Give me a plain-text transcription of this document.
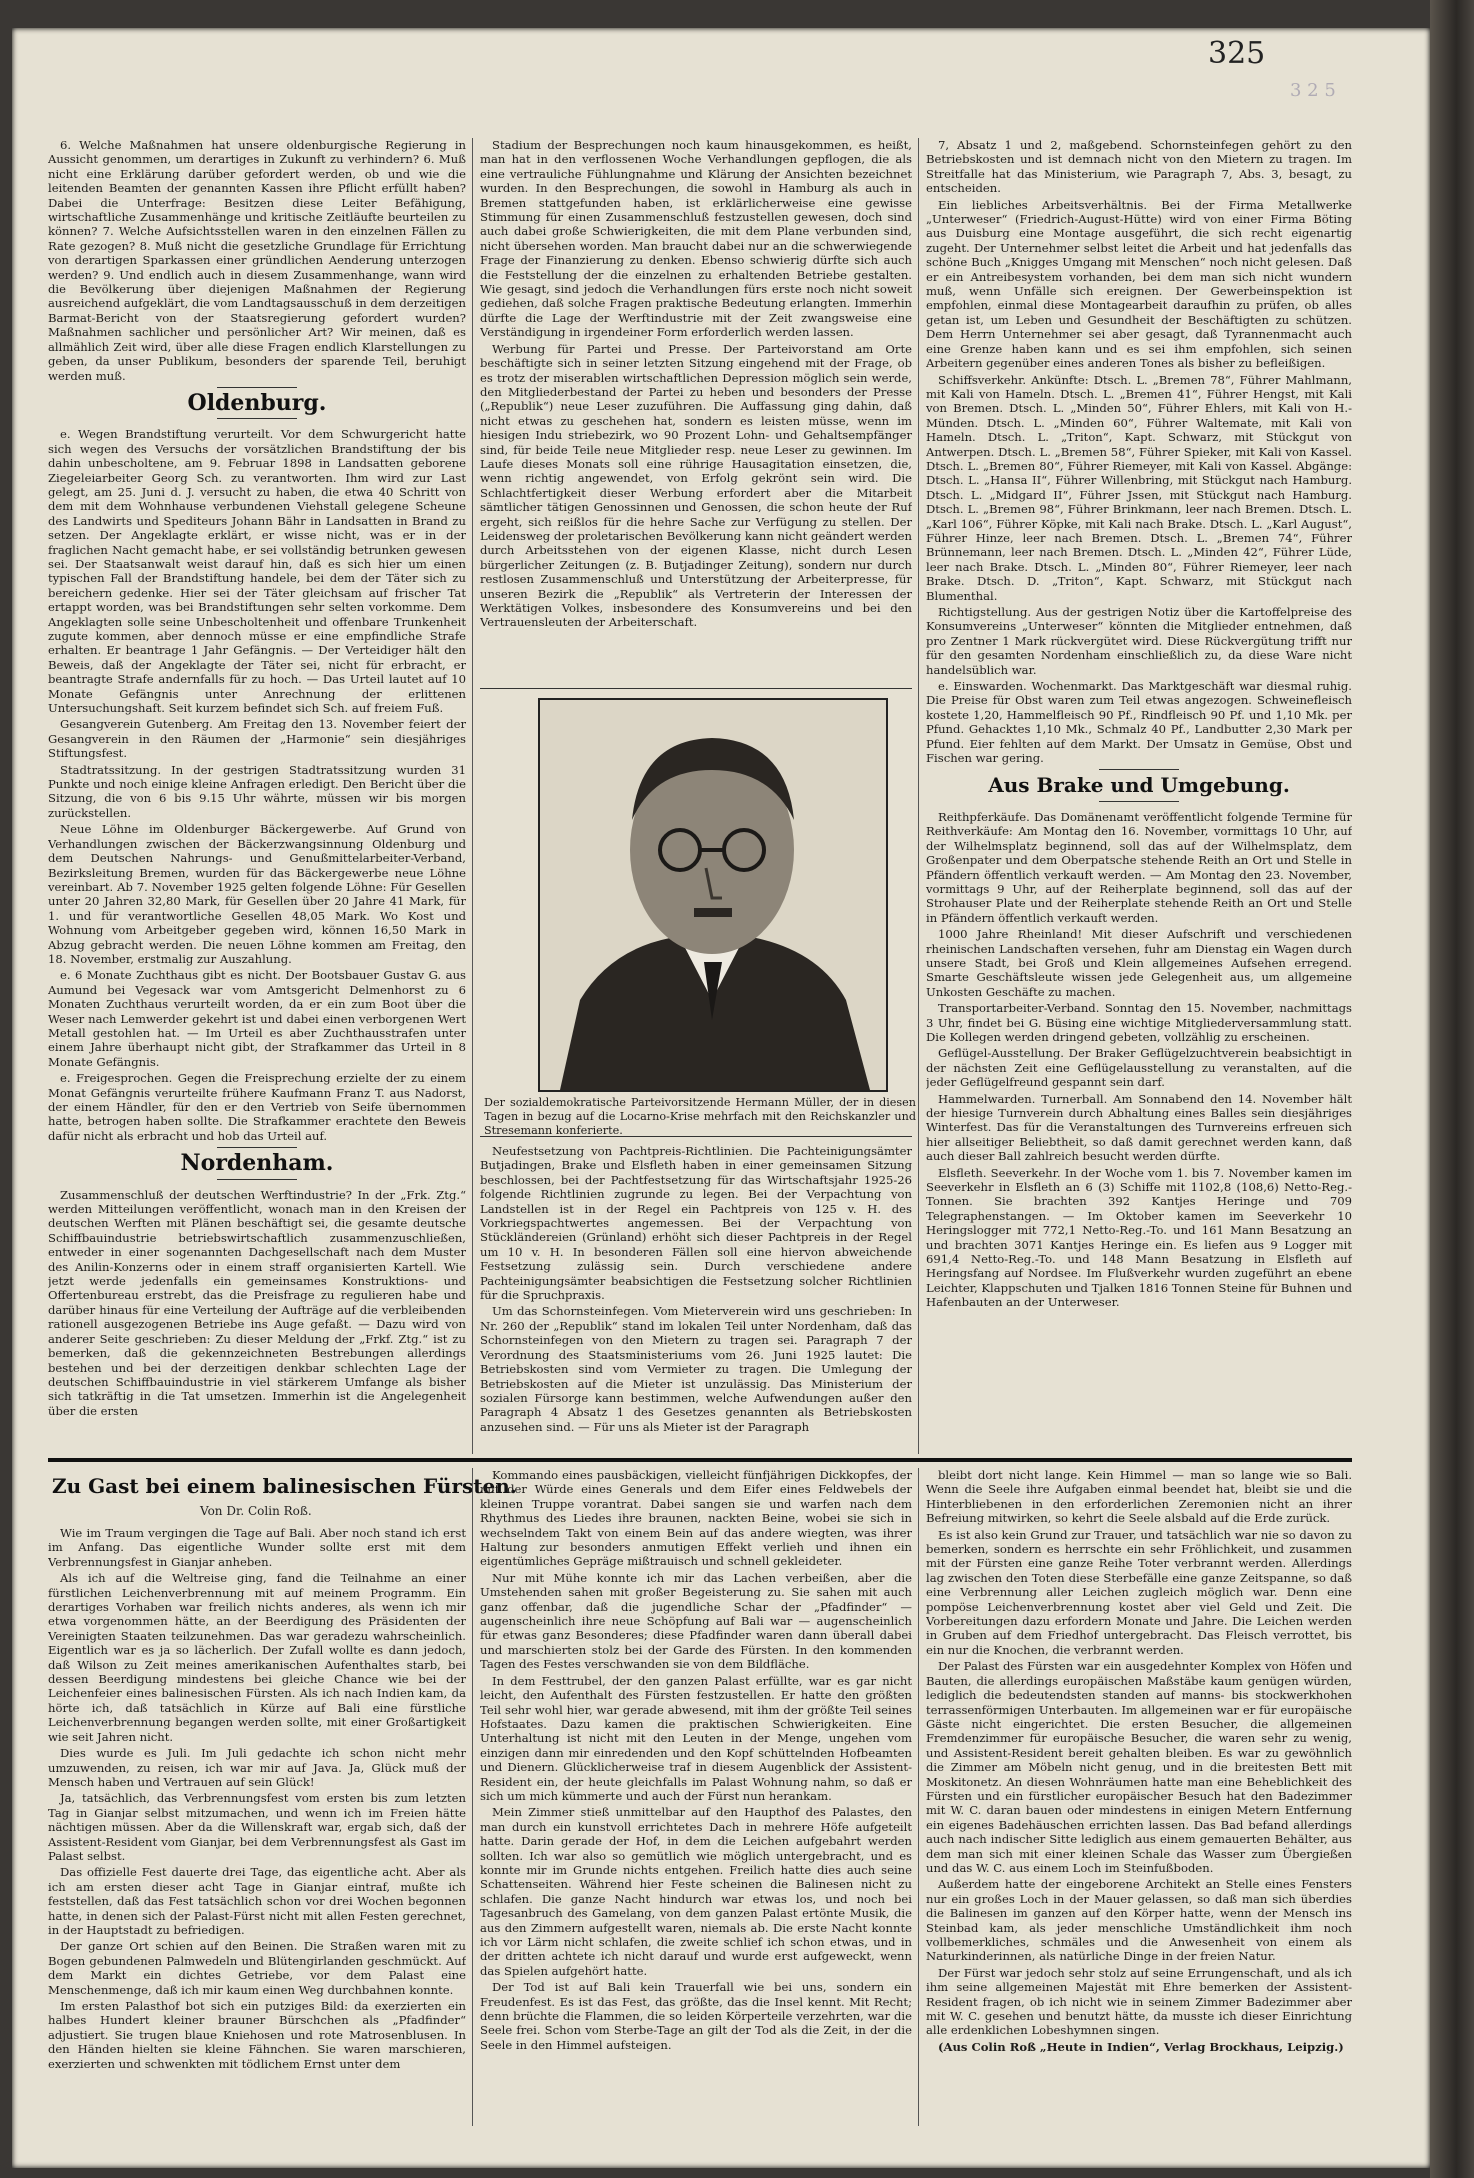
325
3 2 5

6. Welche Maßnahmen hat unsere oldenburgische Regierung in Aussicht genommen, um derartiges in Zukunft zu verhindern? 6. Muß nicht eine Erklärung darüber gefordert werden, ob und wie die leitenden Beamten der genannten Kassen ihre Pflicht erfüllt haben? Dabei die Unterfrage: Besitzen diese Leiter Befähigung, wirtschaftliche Zusammenhänge und kritische Zeitläufte beurteilen zu können? 7. Welche Aufsichtsstellen waren in den einzelnen Fällen zu Rate gezogen? 8. Muß nicht die gesetzliche Grundlage für Errichtung von derartigen Sparkassen einer gründlichen Aenderung unterzogen werden? 9. Und endlich auch in diesem Zusammenhange, wann wird die Bevölkerung über diejenigen Maßnahmen der Regierung ausreichend aufgeklärt, die vom Landtagsausschuß in dem derzeitigen Barmat-Bericht von der Staatsregierung gefordert wurden? Maßnahmen sachlicher und persönlicher Art? Wir meinen, daß es allmählich Zeit wird, über alle diese Fragen endlich Klarstellungen zu geben, da unser Publikum, besonders der sparende Teil, beruhigt werden muß.

Oldenburg.

e. Wegen Brandstiftung verurteilt. Vor dem Schwurgericht hatte sich wegen des Versuchs der vorsätzlichen Brandstiftung der bis dahin unbescholtene, am 9. Februar 1898 in Landsatten geborene Ziegeleiarbeiter Georg Sch. zu verantworten. Ihm wird zur Last gelegt, am 25. Juni d. J. versucht zu haben, die etwa 40 Schritt von dem mit dem Wohnhause verbundenen Viehstall gelegene Scheune des Landwirts und Spediteurs Johann Bähr in Landsatten in Brand zu setzen. Der Angeklagte erklärt, er wisse nicht, was er in der fraglichen Nacht gemacht habe, er sei vollständig betrunken gewesen sei. Der Staatsanwalt weist darauf hin, daß es sich hier um einen typischen Fall der Brandstiftung handele, bei dem der Täter sich zu bereichern gedenke. Hier sei der Täter gleichsam auf frischer Tat ertappt worden, was bei Brandstiftungen sehr selten vorkomme. Dem Angeklagten solle seine Unbescholtenheit und offenbare Trunkenheit zugute kommen, aber dennoch müsse er eine empfindliche Strafe erhalten. Er beantrage 1 Jahr Gefängnis. — Der Verteidiger hält den Beweis, daß der Angeklagte der Täter sei, nicht für erbracht, er beantragte Strafe andernfalls für zu hoch. — Das Urteil lautet auf 10 Monate Gefängnis unter Anrechnung der erlittenen Untersuchungshaft. Seit kurzem befindet sich Sch. auf freiem Fuß.

Gesangverein Gutenberg. Am Freitag den 13. November feiert der Gesangverein in den Räumen der „Harmonie“ sein diesjähriges Stiftungsfest.

Stadtratssitzung. In der gestrigen Stadtratssitzung wurden 31 Punkte und noch einige kleine Anfragen erledigt. Den Bericht über die Sitzung, die von 6 bis 9.15 Uhr währte, müssen wir bis morgen zurückstellen.

Neue Löhne im Oldenburger Bäckergewerbe. Auf Grund von Verhandlungen zwischen der Bäckerzwangsinnung Oldenburg und dem Deutschen Nahrungs- und Genußmittelarbeiter-Verband, Bezirksleitung Bremen, wurden für das Bäckergewerbe neue Löhne vereinbart. Ab 7. November 1925 gelten folgende Löhne: Für Gesellen unter 20 Jahren 32,80 Mark, für Gesellen über 20 Jahre 41 Mark, für 1. und für verantwortliche Gesellen 48,05 Mark. Wo Kost und Wohnung vom Arbeitgeber gegeben wird, können 16,50 Mark in Abzug gebracht werden. Die neuen Löhne kommen am Freitag, den 18. November, erstmalig zur Auszahlung.

e. 6 Monate Zuchthaus gibt es nicht. Der Bootsbauer Gustav G. aus Aumund bei Vegesack war vom Amtsgericht Delmenhorst zu 6 Monaten Zuchthaus verurteilt worden, da er ein zum Boot über die Weser nach Lemwerder gekehrt ist und dabei einen verborgenen Wert Metall gestohlen hat. — Im Urteil es aber Zuchthausstrafen unter einem Jahre überhaupt nicht gibt, der Strafkammer das Urteil in 8 Monate Gefängnis.

e. Freigesprochen. Gegen die Freisprechung erzielte der zu einem Monat Gefängnis verurteilte frühere Kaufmann Franz T. aus Nadorst, der einem Händler, für den er den Vertrieb von Seife übernommen hatte, betrogen haben sollte. Die Strafkammer erachtete den Beweis dafür nicht als erbracht und hob das Urteil auf.

Nordenham.

Zusammenschluß der deutschen Werftindustrie? In der „Frk. Ztg.“ werden Mitteilungen veröffentlicht, wonach man in den Kreisen der deutschen Werften mit Plänen beschäftigt sei, die gesamte deutsche Schiffbauindustrie betriebswirtschaftlich zusammenzuschließen, entweder in einer sogenannten Dachgesellschaft nach dem Muster des Anilin-Konzerns oder in einem straff organisierten Kartell. Wie jetzt werde jedenfalls ein gemeinsames Konstruktions- und Offertenbureau erstrebt, das die Preisfrage zu regulieren habe und darüber hinaus für eine Verteilung der Aufträge auf die verbleibenden rationell ausgezogenen Betriebe ins Auge gefaßt. — Dazu wird von anderer Seite geschrieben: Zu dieser Meldung der „Frkf. Ztg.“ ist zu bemerken, daß die gekennzeichneten Bestrebungen allerdings bestehen und bei der derzeitigen denkbar schlechten Lage der deutschen Schiffbauindustrie in viel stärkerem Umfange als bisher sich tatkräftig in die Tat umsetzen. Immerhin ist die Angelegenheit über die ersten

Stadium der Besprechungen noch kaum hinausgekommen, es heißt, man hat in den verflossenen Woche Verhandlungen gepflogen, die als eine vertrauliche Fühlungnahme und Klärung der Ansichten bezeichnet wurden. In den Besprechungen, die sowohl in Hamburg als auch in Bremen stattgefunden haben, ist erklärlicherweise eine gewisse Stimmung für einen Zusammenschluß festzustellen gewesen, doch sind auch dabei große Schwierigkeiten, die mit dem Plane verbunden sind, nicht übersehen worden. Man braucht dabei nur an die schwerwiegende Frage der Finanzierung zu denken. Ebenso schwierig dürfte sich auch die Feststellung der die einzelnen zu erhaltenden Betriebe gestalten. Wie gesagt, sind jedoch die Verhandlungen fürs erste noch nicht soweit gediehen, daß solche Fragen praktische Bedeutung erlangten. Immerhin dürfte die Lage der Werftindustrie mit der Zeit zwangsweise eine Verständigung in irgendeiner Form erforderlich werden lassen.

Werbung für Partei und Presse. Der Parteivorstand am Orte beschäftigte sich in seiner letzten Sitzung eingehend mit der Frage, ob es trotz der miserablen wirtschaftlichen Depression möglich sein werde, den Mitgliederbestand der Partei zu heben und besonders der Presse („Republik“) neue Leser zuzuführen. Die Auffassung ging dahin, daß nicht etwas zu geschehen hat, sondern es leisten müsse, wenn im hiesigen Indu striebezirk, wo 90 Prozent Lohn- und Gehaltsempfänger sind, für beide Teile neue Mitglieder resp. neue Leser zu gewinnen. Im Laufe dieses Monats soll eine rührige Hausagitation einsetzen, die, wenn richtig angewendet, von Erfolg gekrönt sein wird. Die Schlachtfertigkeit dieser Werbung erfordert aber die Mitarbeit sämtlicher tätigen Genossinnen und Genossen, die schon heute der Ruf ergeht, sich reißlos für die hehre Sache zur Verfügung zu stellen. Der Leidensweg der proletarischen Bevölkerung kann nicht geändert werden durch Arbeitsstehen von der eigenen Klasse, nicht durch Lesen bürgerlicher Zeitungen (z. B. Butjadinger Zeitung), sondern nur durch restlosen Zusammenschluß und Unterstützung der Arbeiterpresse, für unseren Bezirk die „Republik“ als Vertreterin der Interessen der Werktätigen Volkes, insbesondere des Konsumvereins und bei den Vertrauensleuten der Arbeiterschaft.

Der sozialdemokratische Parteivorsitzende Hermann Müller, der in diesen Tagen in bezug auf die Locarno-Krise mehrfach mit den Reichskanzler und Stresemann konferierte.

Neufestsetzung von Pachtpreis-Richtlinien. Die Pachteinigungsämter Butjadingen, Brake und Elsfleth haben in einer gemeinsamen Sitzung beschlossen, bei der Pachtfestsetzung für das Wirtschaftsjahr 1925-26 folgende Richtlinien zugrunde zu legen. Bei der Verpachtung von Landstellen ist in der Regel ein Pachtpreis von 125 v. H. des Vorkriegspachtwertes angemessen. Bei der Verpachtung von Stückländereien (Grünland) erhöht sich dieser Pachtpreis in der Regel um 10 v. H. In besonderen Fällen soll eine hiervon abweichende Festsetzung zulässig sein. Durch verschiedene andere Pachteinigungsämter beabsichtigen die Festsetzung solcher Richtlinien für die Spruchpraxis.

Um das Schornsteinfegen. Vom Mieterverein wird uns geschrieben: In Nr. 260 der „Republik“ stand im lokalen Teil unter Nordenham, daß das Schornsteinfegen von den Mietern zu tragen sei. Paragraph 7 der Verordnung des Staatsministeriums vom 26. Juni 1925 lautet: Die Betriebskosten sind vom Vermieter zu tragen. Die Umlegung der Betriebskosten auf die Mieter ist unzulässig. Das Ministerium der sozialen Fürsorge kann bestimmen, welche Aufwendungen außer den Paragraph 4 Absatz 1 des Gesetzes genannten als Betriebskosten anzusehen sind. — Für uns als Mieter ist der Paragraph

7, Absatz 1 und 2, maßgebend. Schornsteinfegen gehört zu den Betriebskosten und ist demnach nicht von den Mietern zu tragen. Im Streitfalle hat das Ministerium, wie Paragraph 7, Abs. 3, besagt, zu entscheiden.

Ein liebliches Arbeitsverhältnis. Bei der Firma Metallwerke „Unterweser“ (Friedrich-August-Hütte) wird von einer Firma Böting aus Duisburg eine Montage ausgeführt, die sich recht eigenartig zugeht. Der Unternehmer selbst leitet die Arbeit und hat jedenfalls das schöne Buch „Knigges Umgang mit Menschen“ noch nicht gelesen. Daß er ein Antreibesystem vorhanden, bei dem man sich nicht wundern muß, wenn Unfälle sich ereignen. Der Gewerbeinspektion ist empfohlen, einmal diese Montagearbeit daraufhin zu prüfen, ob alles getan ist, um Leben und Gesundheit der Beschäftigten zu schützen. Dem Herrn Unternehmer sei aber gesagt, daß Tyrannenmacht auch eine Grenze haben kann und es sei ihm empfohlen, sich seinen Arbeitern gegenüber eines anderen Tones als bisher zu befleißigen.

Schiffsverkehr. Ankünfte: Dtsch. L. „Bremen 78“, Führer Mahlmann, mit Kali von Hameln. Dtsch. L. „Bremen 41“, Führer Hengst, mit Kali von Bremen. Dtsch. L. „Minden 50“, Führer Ehlers, mit Kali von H.-Münden. Dtsch. L. „Minden 60“, Führer Waltemate, mit Kali von Hameln. Dtsch. L. „Triton“, Kapt. Schwarz, mit Stückgut von Antwerpen. Dtsch. L. „Bremen 58“, Führer Spieker, mit Kali von Kassel. Dtsch. L. „Bremen 80“, Führer Riemeyer, mit Kali von Kassel. Abgänge: Dtsch. L. „Hansa II“, Führer Willenbring, mit Stückgut nach Hamburg. Dtsch. L. „Midgard II“, Führer Jssen, mit Stückgut nach Hamburg. Dtsch. L. „Bremen 98“, Führer Brinkmann, leer nach Bremen. Dtsch. L. „Karl 106“, Führer Köpke, mit Kali nach Brake. Dtsch. L. „Karl August“, Führer Hinze, leer nach Bremen. Dtsch. L. „Bremen 74“, Führer Brünnemann, leer nach Bremen. Dtsch. L. „Minden 42“, Führer Lüde, leer nach Brake. Dtsch. L. „Minden 80“, Führer Riemeyer, leer nach Brake. Dtsch. D. „Triton“, Kapt. Schwarz, mit Stückgut nach Blumenthal.

Richtigstellung. Aus der gestrigen Notiz über die Kartoffelpreise des Konsumvereins „Unterweser“ könnten die Mitglieder entnehmen, daß pro Zentner 1 Mark rückvergütet wird. Diese Rückvergütung trifft nur für den gesamten Nordenham einschließlich zu, da diese Ware nicht handelsüblich war.

e. Einswarden. Wochenmarkt. Das Marktgeschäft war diesmal ruhig. Die Preise für Obst waren zum Teil etwas angezogen. Schweinefleisch kostete 1,20, Hammelfleisch 90 Pf., Rindfleisch 90 Pf. und 1,10 Mk. per Pfund. Gehacktes 1,10 Mk., Schmalz 40 Pf., Landbutter 2,30 Mark per Pfund. Eier fehlten auf dem Markt. Der Umsatz in Gemüse, Obst und Fischen war gering.

Aus Brake und Umgebung.

Reithpferkäufe. Das Domänenamt veröffentlicht folgende Termine für Reithverkäufe: Am Montag den 16. November, vormittags 10 Uhr, auf der Wilhelmsplatz beginnend, soll das auf der Wilhelmsplatz, dem Großenpater und dem Oberpatsche stehende Reith an Ort und Stelle in Pfändern öffentlich verkauft werden. — Am Montag den 23. November, vormittags 9 Uhr, auf der Reiherplate beginnend, soll das auf der Strohauser Plate und der Reiherplate stehende Reith an Ort und Stelle in Pfändern öffentlich verkauft werden.

1000 Jahre Rheinland! Mit dieser Aufschrift und verschiedenen rheinischen Landschaften versehen, fuhr am Dienstag ein Wagen durch unsere Stadt, bei Groß und Klein allgemeines Aufsehen erregend. Smarte Geschäftsleute wissen jede Gelegenheit aus, um allgemeine Unkosten Geschäfte zu machen.

Transportarbeiter-Verband. Sonntag den 15. November, nachmittags 3 Uhr, findet bei G. Büsing eine wichtige Mitgliederversammlung statt. Die Kollegen werden dringend gebeten, vollzählig zu erscheinen.

Geflügel-Ausstellung. Der Braker Geflügelzuchtverein beabsichtigt in der nächsten Zeit eine Geflügelausstellung zu veranstalten, auf die jeder Geflügelfreund gespannt sein darf.

Hammelwarden. Turnerball. Am Sonnabend den 14. November hält der hiesige Turnverein durch Abhaltung eines Balles sein diesjähriges Winterfest. Das für die Veranstaltungen des Turnvereins erfreuen sich hier allseitiger Beliebtheit, so daß damit gerechnet werden kann, daß auch dieser Ball zahlreich besucht werden dürfte.

Elsfleth. Seeverkehr. In der Woche vom 1. bis 7. November kamen im Seeverkehr in Elsfleth an 6 (3) Schiffe mit 1102,8 (108,6) Netto-Reg.-Tonnen. Sie brachten 392 Kantjes Heringe und 709 Telegraphenstangen. — Im Oktober kamen im Seeverkehr 10 Heringslogger mit 772,1 Netto-Reg.-To. und 161 Mann Besatzung an und brachten 3071 Kantjes Heringe ein. Es liefen aus 9 Logger mit 691,4 Netto-Reg.-To. und 148 Mann Besatzung in Elsfleth auf Heringsfang auf Nordsee. Im Flußverkehr wurden zugeführt an ebene Leichter, Klappschuten und Tjalken 1816 Tonnen Steine für Buhnen und Hafenbauten an der Unterweser.

Zu Gast bei einem balinesischen Fürsten.
Von Dr. Colin Roß.

Wie im Traum vergingen die Tage auf Bali. Aber noch stand ich erst im Anfang. Das eigentliche Wunder sollte erst mit dem Verbrennungsfest in Gianjar anheben.

Als ich auf die Weltreise ging, fand die Teilnahme an einer fürstlichen Leichenverbrennung mit auf meinem Programm. Ein derartiges Vorhaben war freilich nichts anderes, als wenn ich mir etwa vorgenommen hätte, an der Beerdigung des Präsidenten der Vereinigten Staaten teilzunehmen. Das war geradezu wahrscheinlich. Eigentlich war es ja so lächerlich. Der Zufall wollte es dann jedoch, daß Wilson zu Zeit meines amerikanischen Aufenthaltes starb, bei dessen Beerdigung mindestens bei gleiche Chance wie bei der Leichenfeier eines balinesischen Fürsten. Als ich nach Indien kam, da hörte ich, daß tatsächlich in Kürze auf Bali eine fürstliche Leichenverbrennung begangen werden sollte, mit einer Großartigkeit wie seit Jahren nicht.

Dies wurde es Juli. Im Juli gedachte ich schon nicht mehr umzuwenden, zu reisen, ich war mir auf Java. Ja, Glück muß der Mensch haben und Vertrauen auf sein Glück!

Ja, tatsächlich, das Verbrennungsfest vom ersten bis zum letzten Tag in Gianjar selbst mitzumachen, und wenn ich im Freien hätte nächtigen müssen. Aber da die Willenskraft war, ergab sich, daß der Assistent-Resident vom Gianjar, bei dem Verbrennungsfest als Gast im Palast selbst.

Das offizielle Fest dauerte drei Tage, das eigentliche acht. Aber als ich am ersten dieser acht Tage in Gianjar eintraf, mußte ich feststellen, daß das Fest tatsächlich schon vor drei Wochen begonnen hatte, in denen sich der Palast-Fürst nicht mit allen Festen gerechnet, in der Hauptstadt zu befriedigen.

Der ganze Ort schien auf den Beinen. Die Straßen waren mit zu Bogen gebundenen Palmwedeln und Blütengirlanden geschmückt. Auf dem Markt ein dichtes Getriebe, vor dem Palast eine Menschenmenge, daß ich mir kaum einen Weg durchbahnen konnte.

Im ersten Palasthof bot sich ein putziges Bild: da exerzierten ein halbes Hundert kleiner brauner Bürschchen als „Pfadfinder“ adjustiert. Sie trugen blaue Kniehosen und rote Matrosenblusen. In den Händen hielten sie kleine Fähnchen. Sie waren marschieren, exerzierten und schwenkten mit tödlichem Ernst unter dem

Kommando eines pausbäckigen, vielleicht fünfjährigen Dickkopfes, der mit der Würde eines Generals und dem Eifer eines Feldwebels der kleinen Truppe vorantrat. Dabei sangen sie und warfen nach dem Rhythmus des Liedes ihre braunen, nackten Beine, wobei sie sich in wechselndem Takt von einem Bein auf das andere wiegten, was ihrer Haltung zur besonders anmutigen Effekt verlieh und ihnen ein eigentümliches Gepräge mißtrauisch und schnell gekleideter.

Nur mit Mühe konnte ich mir das Lachen verbeißen, aber die Umstehenden sahen mit großer Begeisterung zu. Sie sahen mit auch ganz offenbar, daß die jugendliche Schar der „Pfadfinder“ — augenscheinlich ihre neue Schöpfung auf Bali war — augenscheinlich für etwas ganz Besonderes; diese Pfadfinder waren dann überall dabei und marschierten stolz bei der Garde des Fürsten. In den kommenden Tagen des Festes verschwanden sie von dem Bildfläche.

In dem Festtrubel, der den ganzen Palast erfüllte, war es gar nicht leicht, den Aufenthalt des Fürsten festzustellen. Er hatte den größten Teil sehr wohl hier, war gerade abwesend, mit ihm der größte Teil seines Hofstaates. Dazu kamen die praktischen Schwierigkeiten. Eine Unterhaltung ist nicht mit den Leuten in der Menge, ungehen vom einzigen dann mir einredenden und den Kopf schüttelnden Hofbeamten und Dienern. Glücklicherweise traf in diesem Augenblick der Assistent-Resident ein, der heute gleichfalls im Palast Wohnung nahm, so daß er sich um mich kümmerte und auch der Fürst nun herankam.

Mein Zimmer stieß unmittelbar auf den Haupthof des Palastes, den man durch ein kunstvoll errichtetes Dach in mehrere Höfe aufgeteilt hatte. Darin gerade der Hof, in dem die Leichen aufgebahrt werden sollten. Ich war also so gemütlich wie möglich untergebracht, und es konnte mir im Grunde nichts entgehen. Freilich hatte dies auch seine Schattenseiten. Während hier Feste scheinen die Balinesen nicht zu schlafen. Die ganze Nacht hindurch war etwas los, und noch bei Tagesanbruch des Gamelang, von dem ganzen Palast ertönte Musik, die aus den Zimmern aufgestellt waren, niemals ab. Die erste Nacht konnte ich vor Lärm nicht schlafen, die zweite schlief ich schon etwas, und in der dritten achtete ich nicht darauf und wurde erst aufgeweckt, wenn das Spielen aufgehört hatte.

Der Tod ist auf Bali kein Trauerfall wie bei uns, sondern ein Freudenfest. Es ist das Fest, das größte, das die Insel kennt. Mit Recht; denn brüchte die Flammen, die so leiden Körperteile verzehrten, war die Seele frei. Schon vom Sterbe-Tage an gilt der Tod als die Zeit, in der die Seele in den Himmel aufsteigen.

bleibt dort nicht lange. Kein Himmel — man so lange wie so Bali. Wenn die Seele ihre Aufgaben einmal beendet hat, bleibt sie und die Hinterbliebenen in den erforderlichen Zeremonien nicht an ihrer Befreiung mitwirken, so kehrt die Seele alsbald auf die Erde zurück.

Es ist also kein Grund zur Trauer, und tatsächlich war nie so davon zu bemerken, sondern es herrschte ein sehr Fröhlichkeit, und zusammen mit der Fürsten eine ganze Reihe Toter verbrannt werden. Allerdings lag zwischen den Toten diese Sterbefälle eine ganze Zeitspanne, so daß eine Verbrennung aller Leichen zugleich möglich war. Denn eine pompöse Leichenverbrennung kostet aber viel Geld und Zeit. Die Vorbereitungen dazu erfordern Monate und Jahre. Die Leichen werden in Gruben auf dem Friedhof untergebracht. Das Fleisch verrottet, bis ein nur die Knochen, die verbrannt werden.

Der Palast des Fürsten war ein ausgedehnter Komplex von Höfen und Bauten, die allerdings europäischen Maßstäbe kaum genügen würden, lediglich die bedeutendsten standen auf manns- bis stockwerkhohen terrassenförmigen Unterbauten. Im allgemeinen war er für europäische Gäste nicht eingerichtet. Die ersten Besucher, die allgemeinen Fremdenzimmer für europäische Besucher, die waren sehr zu wenig, und Assistent-Resident bereit gehalten bleiben. Es war zu gewöhnlich die Zimmer am Möbeln nicht genug, und in die breitesten Bett mit Moskitonetz. An diesen Wohnräumen hatte man eine Beheblichkeit des Fürsten und ein fürstlicher europäischer Besuch hat den Badezimmer mit W. C. daran bauen oder mindestens in einigen Metern Entfernung ein eigenes Badehäuschen errichten lassen. Das Bad befand allerdings auch nach indischer Sitte lediglich aus einem gemauerten Behälter, aus dem man sich mit einer kleinen Schale das Wasser zum Übergießen und das W. C. aus einem Loch im Steinfußboden.

Außerdem hatte der eingeborene Architekt an Stelle eines Fensters nur ein großes Loch in der Mauer gelassen, so daß man sich überdies die Balinesen im ganzen auf den Körper hatte, wenn der Mensch ins Steinbad kam, als jeder menschliche Umständlichkeit ihm noch vollbemerkliches, schmäles und die Anwesenheit von einem als Naturkinderinnen, als natürliche Dinge in der freien Natur.

Der Fürst war jedoch sehr stolz auf seine Errungenschaft, und als ich ihm seine allgemeinen Majestät mit Ehre bemerken der Assistent-Resident fragen, ob ich nicht wie in seinem Zimmer Badezimmer aber mit W. C. gesehen und benutzt hätte, da musste ich dieser Einrichtung alle erdenklichen Lobeshymnen singen.

(Aus Colin Roß „Heute in Indien“, Verlag Brockhaus, Leipzig.)
